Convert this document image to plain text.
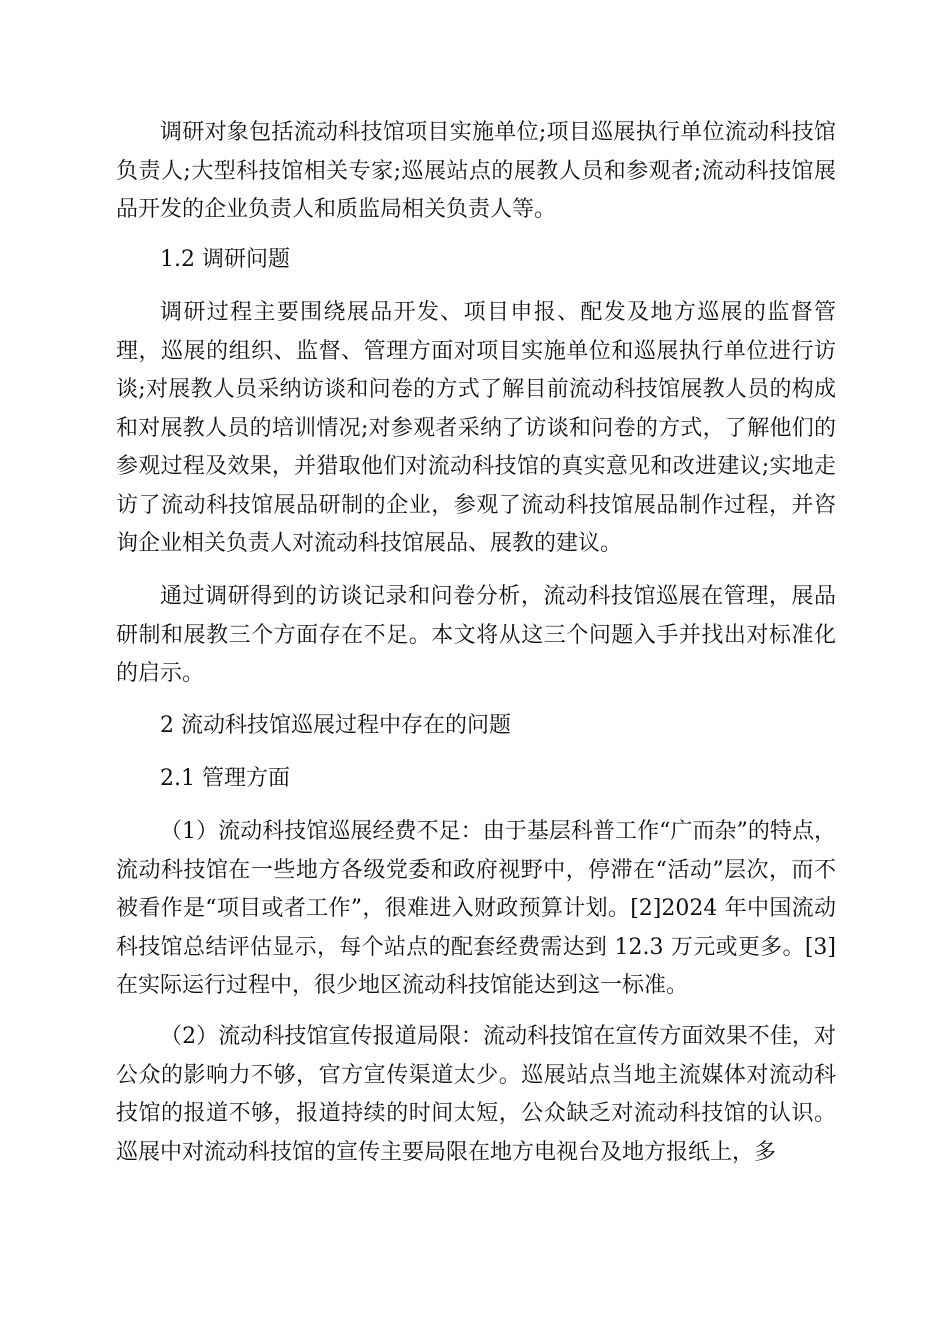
调研对象包括流动科技馆项目实施单位;项目巡展执行单位流动科技馆负责人;大型科技馆相关专家;巡展站点的展教人员和参观者;流动科技馆展品开发的企业负责人和质监局相关负责人等。

1.2 调研问题

调研过程主要围绕展品开发、项目申报、配发及地方巡展的监督管理，巡展的组织、监督、管理方面对项目实施单位和巡展执行单位进行访谈;对展教人员采纳访谈和问卷的方式了解目前流动科技馆展教人员的构成和对展教人员的培训情况;对参观者采纳了访谈和问卷的方式，了解他们的参观过程及效果，并猎取他们对流动科技馆的真实意见和改进建议;实地走访了流动科技馆展品研制的企业，参观了流动科技馆展品制作过程，并咨询企业相关负责人对流动科技馆展品、展教的建议。

通过调研得到的访谈记录和问卷分析，流动科技馆巡展在管理，展品研制和展教三个方面存在不足。本文将从这三个问题入手并找出对标准化的启示。

2 流动科技馆巡展过程中存在的问题

2.1 管理方面

（1）流动科技馆巡展经费不足：由于基层科普工作“广而杂”的特点，流动科技馆在一些地方各级党委和政府视野中，停滞在“活动”层次，而不被看作是“项目或者工作”，很难进入财政预算计划。[2]2024 年中国流动科技馆总结评估显示，每个站点的配套经费需达到 12.3 万元或更多。[3]在实际运行过程中，很少地区流动科技馆能达到这一标准。

（2）流动科技馆宣传报道局限：流动科技馆在宣传方面效果不佳，对公众的影响力不够，官方宣传渠道太少。巡展站点当地主流媒体对流动科技馆的报道不够，报道持续的时间太短，公众缺乏对流动科技馆的认识。巡展中对流动科技馆的宣传主要局限在地方电视台及地方报纸上，多
